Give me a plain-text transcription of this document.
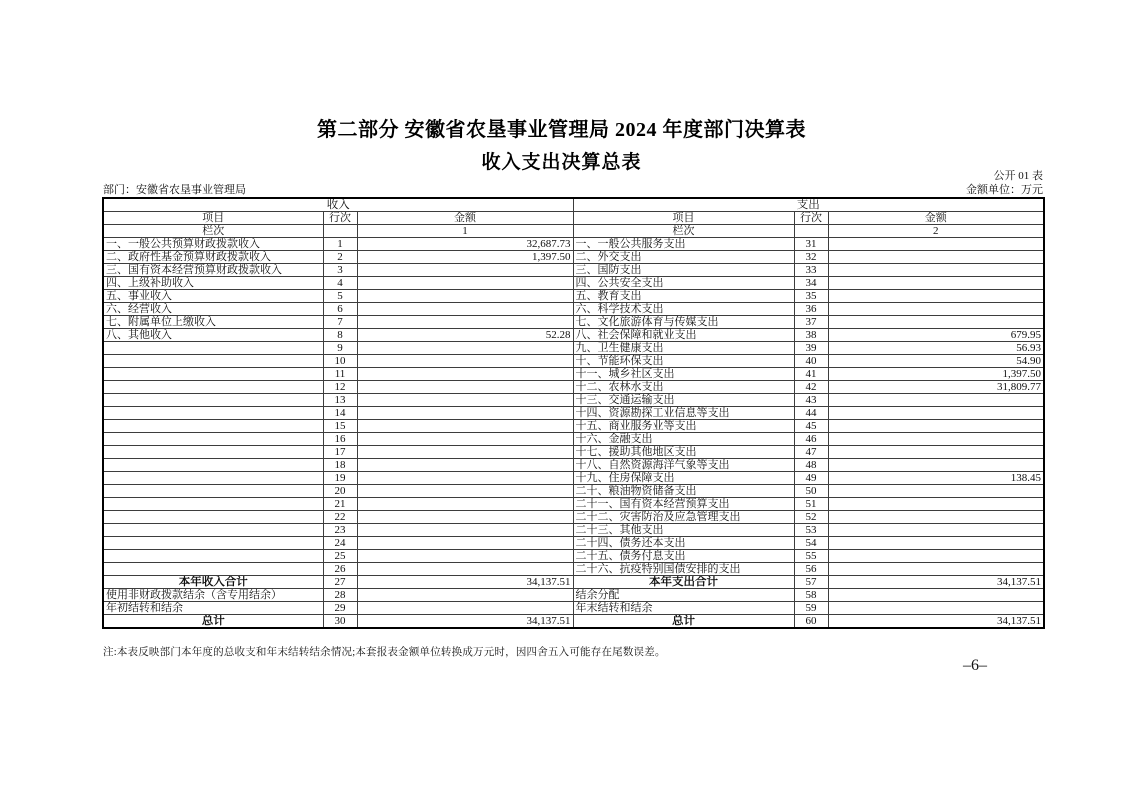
第二部分 安徽省农垦事业管理局 2024 年度部门决算表
收入支出决算总表
公开 01 表
部门：安徽省农垦事业管理局	金额单位：万元
收入			支出		
项目	行次	金额	项目	行次	金额
栏次		1	栏次		2
一、一般公共预算财政拨款收入	1	32,687.73	一、一般公共服务支出	31	
二、政府性基金预算财政拨款收入	2	1,397.50	二、外交支出	32	
三、国有资本经营预算财政拨款收入	3		三、国防支出	33	
四、上级补助收入	4		四、公共安全支出	34	
五、事业收入	5		五、教育支出	35	
六、经营收入	6		六、科学技术支出	36	
七、附属单位上缴收入	7		七、文化旅游体育与传媒支出	37	
八、其他收入	8	52.28	八、社会保障和就业支出	38	679.95
	9		九、卫生健康支出	39	56.93
	10		十、节能环保支出	40	54.90
	11		十一、城乡社区支出	41	1,397.50
	12		十二、农林水支出	42	31,809.77
	13		十三、交通运输支出	43	
	14		十四、资源勘探工业信息等支出	44	
	15		十五、商业服务业等支出	45	
	16		十六、金融支出	46	
	17		十七、援助其他地区支出	47	
	18		十八、自然资源海洋气象等支出	48	
	19		十九、住房保障支出	49	138.45
	20		二十、粮油物资储备支出	50	
	21		二十一、国有资本经营预算支出	51	
	22		二十二、灾害防治及应急管理支出	52	
	23		二十三、其他支出	53	
	24		二十四、债务还本支出	54	
	25		二十五、债务付息支出	55	
	26		二十六、抗疫特别国债安排的支出	56	
本年收入合计	27	34,137.51	本年支出合计	57	34,137.51
使用非财政拨款结余（含专用结余）	28		结余分配	58	
年初结转和结余	29		年末结转和结余	59	
总计	30	34,137.51	总计	60	34,137.51
注:本表反映部门本年度的总收支和年末结转结余情况;本套报表金额单位转换成万元时，因四舍五入可能存在尾数误差。
–6–
